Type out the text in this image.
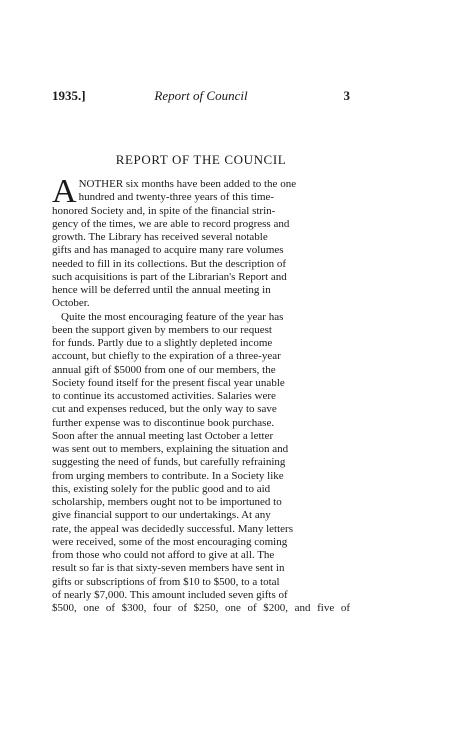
1935.]	Report of Council	3
REPORT OF THE COUNCIL
A NOTHER six months have been added to the one
hundred and twenty-three years of this time-
honored Society and, in spite of the financial strin-
gency of the times, we are able to record progress and
growth. The Library has received several notable
gifts and has managed to acquire many rare volumes
needed to fill in its collections. But the description of
such acquisitions is part of the Librarian's Report and
hence will be deferred until the annual meeting in
October.
Quite the most encouraging feature of the year has
been the support given by members to our request
for funds. Partly due to a slightly depleted income
account, but chiefly to the expiration of a three-year
annual gift of $5000 from one of our members, the
Society found itself for the present fiscal year unable
to continue its accustomed activities. Salaries were
cut and expenses reduced, but the only way to save
further expense was to discontinue book purchase.
Soon after the annual meeting last October a letter
was sent out to members, explaining the situation and
suggesting the need of funds, but carefully refraining
from urging members to contribute. In a Society like
this, existing solely for the public good and to aid
scholarship, members ought not to be importuned to
give financial support to our undertakings. At any
rate, the appeal was decidedly successful. Many letters
were received, some of the most encouraging coming
from those who could not afford to give at all. The
result so far is that sixty-seven members have sent in
gifts or subscriptions of from $10 to $500, to a total
of nearly $7,000. This amount included seven gifts of
$500, one of $300, four of $250, one of $200, and five of
